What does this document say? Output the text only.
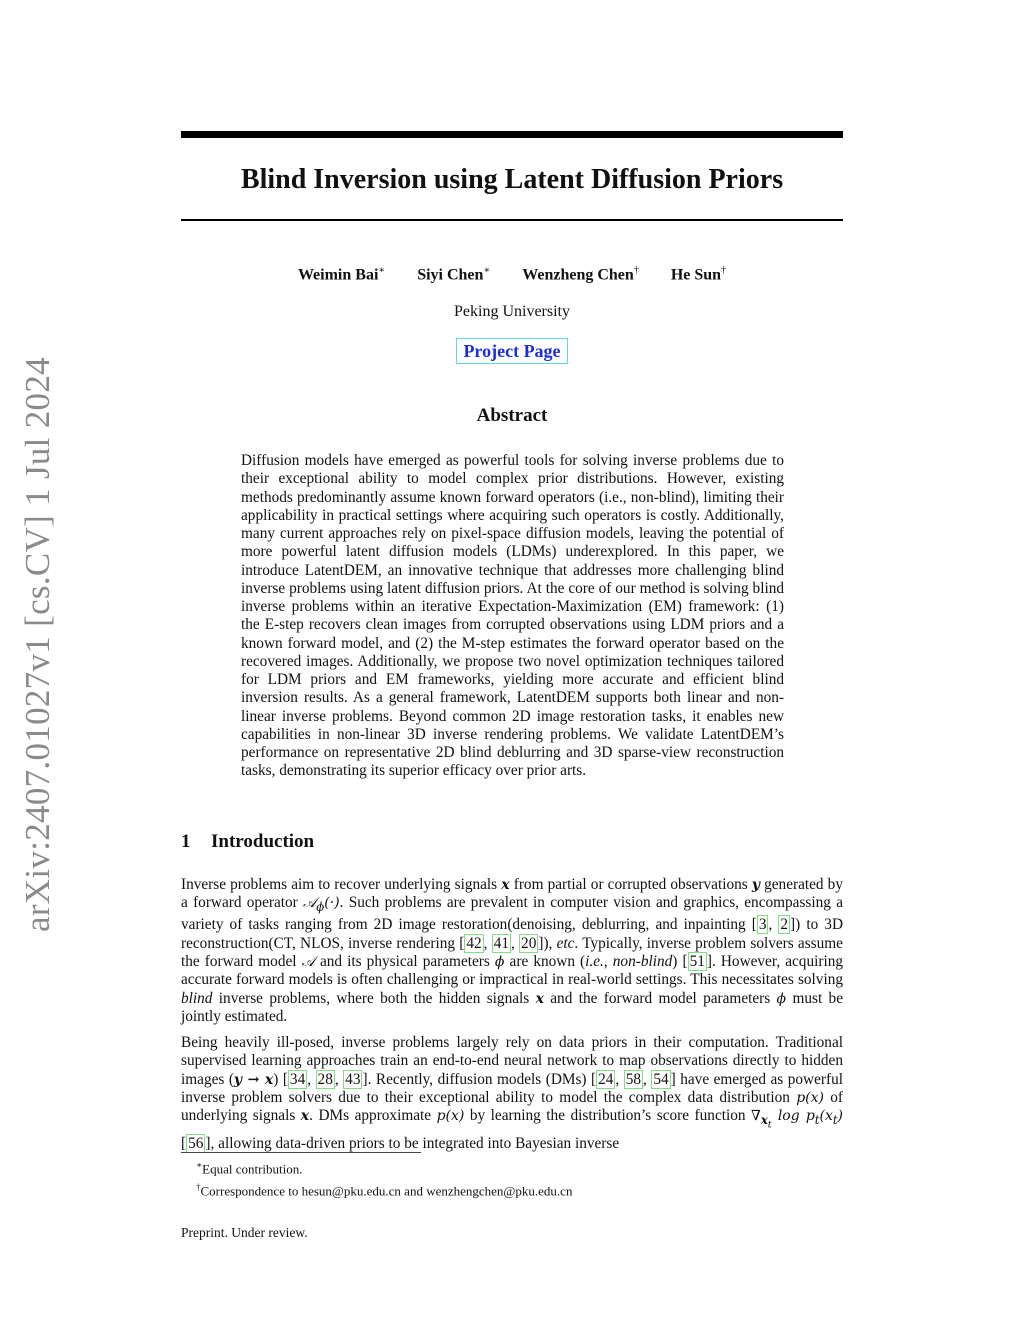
arXiv:2407.01027v1 [cs.CV] 1 Jul 2024
Blind Inversion using Latent Diffusion Priors
Weimin Bai∗ Siyi Chen∗ Wenzheng Chen† He Sun†
Peking University
Project Page
Abstract
Diffusion models have emerged as powerful tools for solving inverse problems due to their exceptional ability to model complex prior distributions. However, existing methods predominantly assume known forward operators (i.e., non-blind), limiting their applicability in practical settings where acquiring such operators is costly. Additionally, many current approaches rely on pixel-space diffusion models, leaving the potential of more powerful latent diffusion models (LDMs) underexplored. In this paper, we introduce LatentDEM, an innovative technique that addresses more challenging blind inverse problems using latent diffusion priors. At the core of our method is solving blind inverse problems within an iterative Expectation-Maximization (EM) framework: (1) the E-step recovers clean images from corrupted observations using LDM priors and a known forward model, and (2) the M-step estimates the forward operator based on the recovered images. Additionally, we propose two novel optimization techniques tailored for LDM priors and EM frameworks, yielding more accurate and efficient blind inversion results. As a general framework, LatentDEM supports both linear and non-linear inverse problems. Beyond common 2D image restoration tasks, it enables new capabilities in non-linear 3D inverse rendering problems. We validate LatentDEM’s performance on representative 2D blind deblurring and 3D sparse-view reconstruction tasks, demonstrating its superior efficacy over prior arts.
1 Introduction

Inverse problems aim to recover underlying signals x from partial or corrupted observations y generated by a forward operator 𝒜$_\phi$(·). Such problems are prevalent in computer vision and graphics, encompassing a variety of tasks ranging from 2D image restoration(denoising, deblurring, and inpainting [ 3 , 2 ]) to 3D reconstruction(CT, NLOS, inverse rendering [ 42 , 41 , 20 ]), etc. Typically, inverse problem solvers assume the forward model 𝒜 and its physical parameters ϕ are known (i.e., non-blind) [ 51 ]. However, acquiring accurate forward models is often challenging or impractical in real-world settings. This necessitates solving blind inverse problems, where both the hidden signals x and the forward model parameters ϕ must be jointly estimated.

Being heavily ill-posed, inverse problems largely rely on data priors in their computation. Traditional supervised learning approaches train an end-to-end neural network to map observations directly to hidden images (y → x) [ 34 , 28 , 43 ]. Recently, diffusion models (DMs) [ 24 , 58 , 54 ] have emerged as powerful inverse problem solvers due to their exceptional ability to model the complex data distribution p(x) of underlying signals x. DMs approximate p(x) by learning the distribution’s score function $\nabla_{x_t}$ $\log p_t(x_t)$ [ 56 ], allowing data-driven priors to be integrated into Bayesian inverse

∗Equal contribution.
†Correspondence to hesun@pku.edu.cn and wenzhengchen@pku.edu.cn
Preprint. Under review.
